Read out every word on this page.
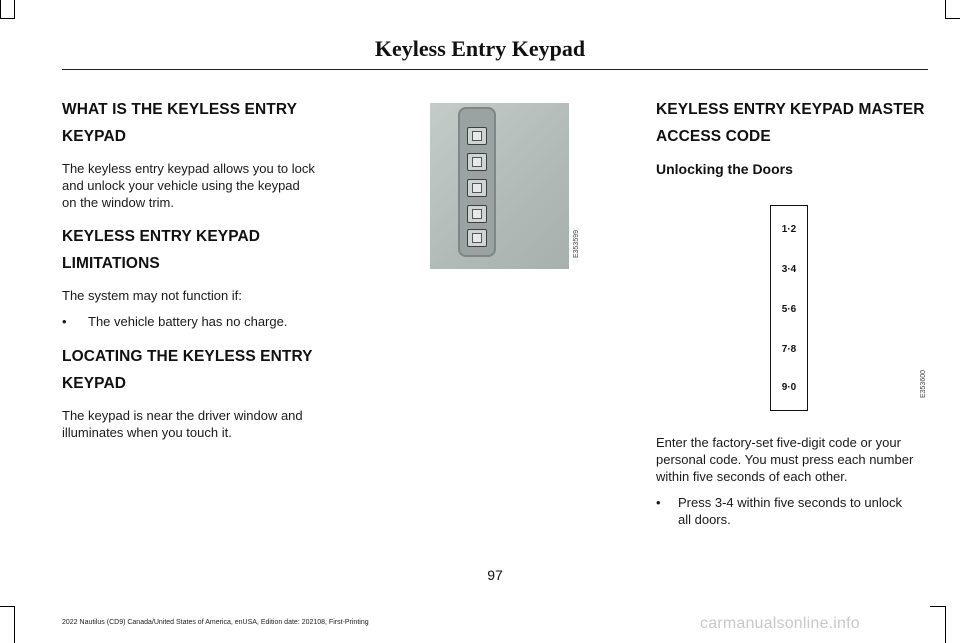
Keyless Entry Keypad

WHAT IS THE KEYLESS ENTRY

KEYPAD

The keyless entry keypad allows you to lock

and unlock your vehicle using the keypad

on the window trim.

KEYLESS ENTRY KEYPAD

LIMITATIONS

The system may not function if:

• The vehicle battery has no charge.

LOCATING THE KEYLESS ENTRY

KEYPAD

The keypad is near the driver window and

illuminates when you touch it.

E353599

KEYLESS ENTRY KEYPAD MASTER

ACCESS CODE

Unlocking the Doors

1·2
3·4
5·6
7·8
9·0	E353600

Enter the factory-set five-digit code or your

personal code. You must press each number

within five seconds of each other.

• Press 3-4 within five seconds to unlock
all doors.
97
2022 Nautilus (CD9) Canada/United States of America, enUSA, Edition date: 202108, First-Printing	carmanualsonline.info
